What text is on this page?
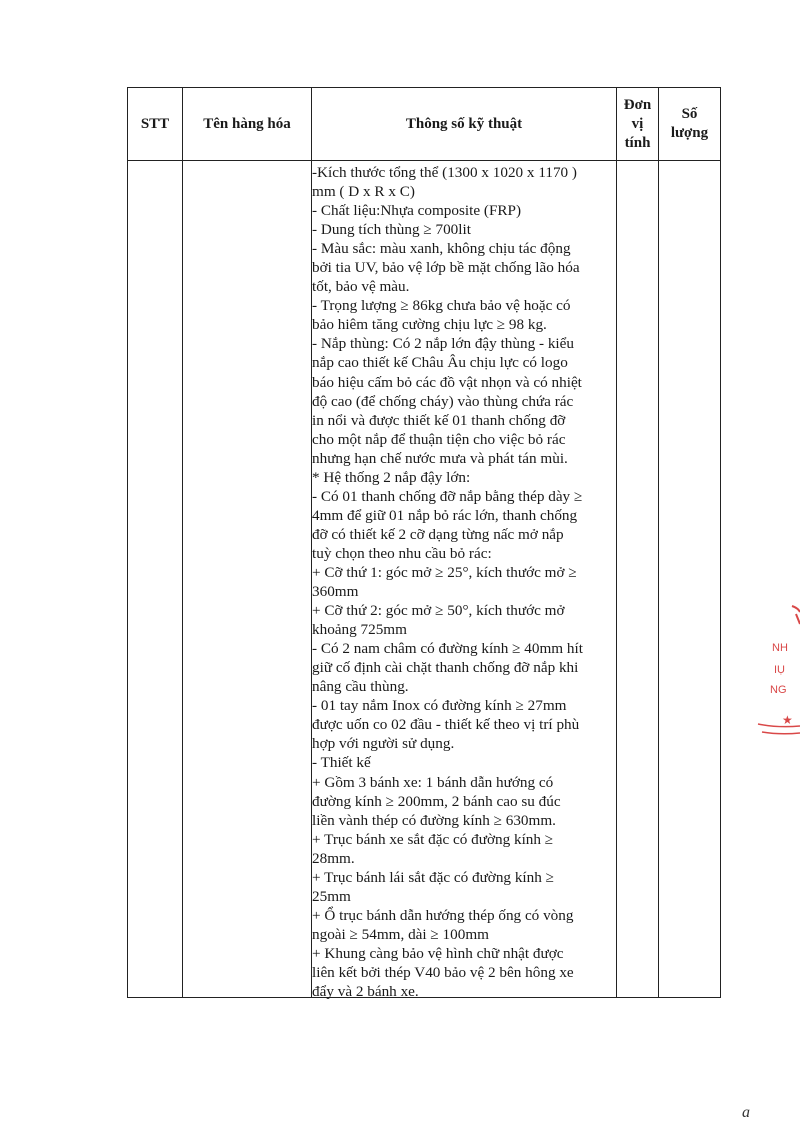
STT Tên hàng hóa	Thông số kỹ thuật
Đơn
vị
tính
Số
lượng
-Kích thước tổng thể (1300 x 1020 x 1170 )
mm ( D x R x C)
- Chất liệu:Nhựa composite (FRP)
- Dung tích thùng ≥ 700lit
- Màu sắc: màu xanh, không chịu tác động
bởi tia UV, bảo vệ lớp bề mặt chống lão hóa
tốt, bảo vệ màu.
- Trọng lượng ≥ 86kg chưa bảo vệ hoặc có
bảo hiêm tăng cường chịu lực ≥ 98 kg.
- Nắp thùng: Có 2 nắp lớn đậy thùng - kiểu
nắp cao thiết kế Châu Âu chịu lực có logo
báo hiệu cấm bỏ các đồ vật nhọn và có nhiệt
độ cao (để chống cháy) vào thùng chứa rác
in nổi và được thiết kế 01 thanh chống đỡ
cho một nắp để thuận tiện cho việc bỏ rác
nhưng hạn chế nước mưa và phát tán mùi.
* Hệ thống 2 nắp đậy lớn:
- Có 01 thanh chống đỡ nắp bằng thép dày ≥
4mm để giữ 01 nắp bỏ rác lớn, thanh chống
đỡ có thiết kế 2 cỡ dạng từng nấc mở nắp
tuỳ chọn theo nhu cầu bỏ rác:
+ Cỡ thứ 1: góc mở ≥ 25°, kích thước mở ≥
360mm
+ Cỡ thứ 2: góc mở ≥ 50°, kích thước mở
khoảng 725mm
- Có 2 nam châm có đường kính ≥ 40mm hít
giữ cố định cài chặt thanh chống đỡ nắp khi
nâng cầu thùng.
- 01 tay nắm Inox có đường kính ≥ 27mm
được uốn co 02 đầu - thiết kế theo vị trí phù
hợp với người sử dụng.
- Thiết kế
+ Gồm 3 bánh xe: 1 bánh dẫn hướng có
đường kính ≥ 200mm, 2 bánh cao su đúc
liền vành thép có đường kính ≥ 630mm.
+ Trục bánh xe sắt đặc có đường kính ≥
28mm.
+ Trục bánh lái sắt đặc có đường kính ≥
25mm
+ Ổ trục bánh dẫn hướng thép ống có vòng
ngoài ≥ 54mm, dài ≥ 100mm
+ Khung càng bảo vệ hình chữ nhật được
liên kết bởi thép V40 bảo vệ 2 bên hông xe
đẩy và 2 bánh xe.
★
NH
IỤ
NG
a
